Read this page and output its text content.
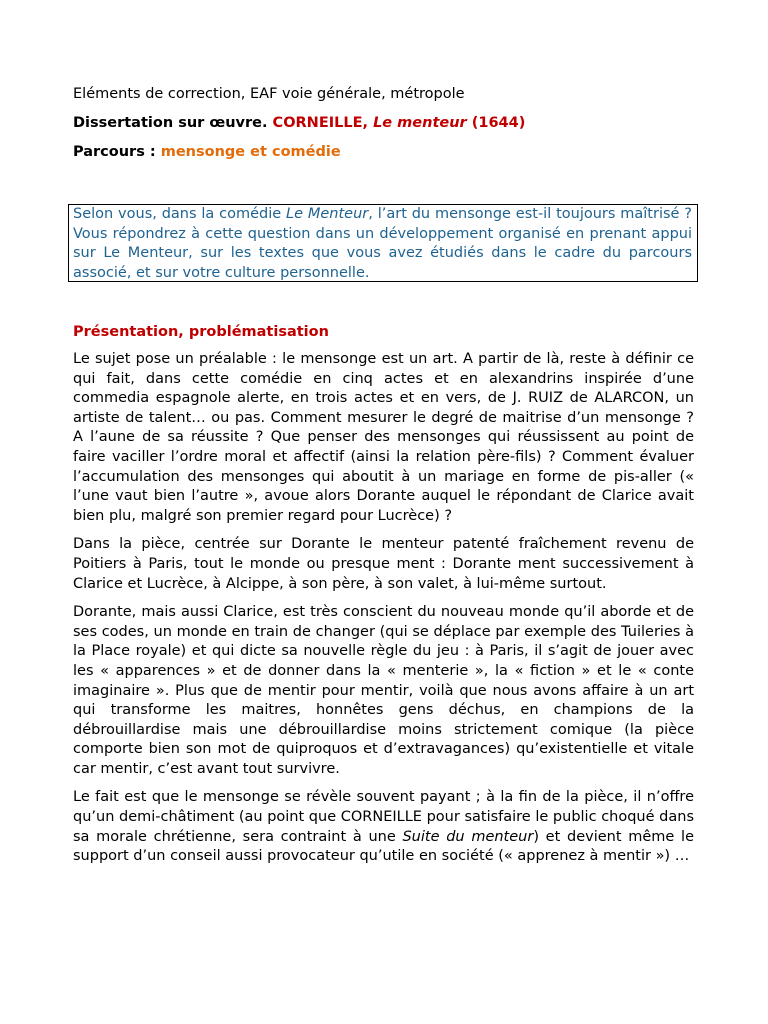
Eléments de correction, EAF voie générale, métropole

Dissertation sur œuvre. CORNEILLE, Le menteur (1644)

Parcours : mensonge et comédie

Selon vous, dans la comédie Le Menteur, l’art du mensonge est-il toujours maîtrisé ? Vous répondrez à cette question dans un développement organisé en prenant appui sur Le Menteur, sur les textes que vous avez étudiés dans le cadre du parcours associé, et sur votre culture personnelle.

Présentation, problématisation

Le sujet pose un préalable : le mensonge est un art. A partir de là, reste à définir ce qui fait, dans cette comédie en cinq actes et en alexandrins inspirée d’une commedia espagnole alerte, en trois actes et en vers, de J. RUIZ de ALARCON, un artiste de talent… ou pas. Comment mesurer le degré de maitrise d’un mensonge ? A l’aune de sa réussite ? Que penser des mensonges qui réussissent au point de faire vaciller l’ordre moral et affectif (ainsi la relation père-fils) ? Comment évaluer l’accumulation des mensonges qui aboutit à un mariage en forme de pis-aller (« l’une vaut bien l’autre », avoue alors Dorante auquel le répondant de Clarice avait bien plu, malgré son premier regard pour Lucrèce) ?

Dans la pièce, centrée sur Dorante le menteur patenté fraîchement revenu de Poitiers à Paris, tout le monde ou presque ment : Dorante ment successivement à Clarice et Lucrèce, à Alcippe, à son père, à son valet, à lui-même surtout.

Dorante, mais aussi Clarice, est très conscient du nouveau monde qu’il aborde et de ses codes, un monde en train de changer (qui se déplace par exemple des Tuileries à la Place royale) et qui dicte sa nouvelle règle du jeu : à Paris, il s’agit de jouer avec les « apparences » et de donner dans la « menterie », la « fiction » et le « conte imaginaire ». Plus que de mentir pour mentir, voilà que nous avons affaire à un art qui transforme les maitres, honnêtes gens déchus, en champions de la débrouillardise mais une débrouillardise moins strictement comique (la pièce comporte bien son mot de quiproquos et d’extravagances) qu’existentielle et vitale car mentir, c’est avant tout survivre.

Le fait est que le mensonge se révèle souvent payant ; à la fin de la pièce, il n’offre qu’un demi-châtiment (au point que CORNEILLE pour satisfaire le public choqué dans sa morale chrétienne, sera contraint à une Suite du menteur) et devient même le support d’un conseil aussi provocateur qu’utile en société (« apprenez à mentir ») …
